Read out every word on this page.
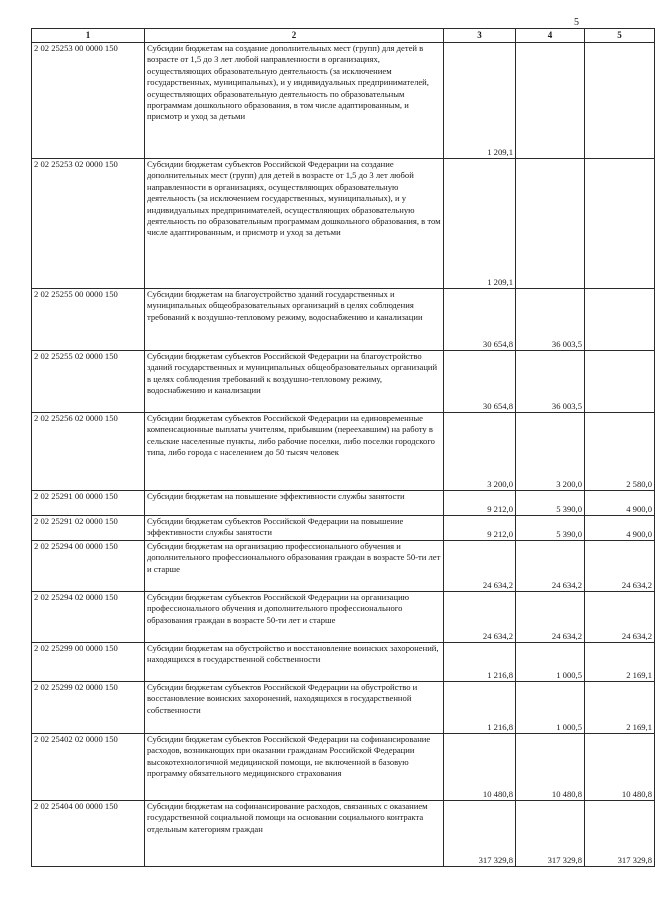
5
1	2	3	4	5
2 02 25253 00 0000 150	Субсидии бюджетам на создание дополнительных мест (групп) для детей в возрасте от 1,5 до 3 лет любой направленности в организациях, осуществляющих образовательную деятельность (за исключением государственных, муниципальных), и у индивидуальных предпринимателей, осуществляющих образовательную деятельность по образовательным программам дошкольного образования, в том числе адаптированным, и присмотр и уход за детьми	1 209,1		
2 02 25253 02 0000 150	Субсидии бюджетам субъектов Российской Федерации на создание дополнительных мест (групп) для детей в возрасте от 1,5 до 3 лет любой направленности в организациях, осуществляющих образовательную деятельность (за исключением государственных, муниципальных), и у индивидуальных предпринимателей, осуществляющих образовательную деятельность по образовательным программам дошкольного образования, в том числе адаптированным, и присмотр и уход за детьми	1 209,1		
2 02 25255 00 0000 150	Субсидии бюджетам на благоустройство зданий государственных и муниципальных общеобразовательных организаций в целях соблюдения требований к воздушно-тепловому режиму, водоснабжению и канализации	30 654,8	36 003,5	
2 02 25255 02 0000 150	Субсидии бюджетам субъектов Российской Федерации на благоустройство зданий государственных и муниципальных общеобразовательных организаций в целях соблюдения требований к воздушно-тепловому режиму, водоснабжению и канализации	30 654,8	36 003,5	
2 02 25256 02 0000 150	Субсидии бюджетам субъектов Российской Федерации на единовременные компенсационные выплаты учителям, прибывшим (переехавшим) на работу в сельские населенные пункты, либо рабочие поселки, либо поселки городского типа, либо города с населением до 50 тысяч человек	3 200,0	3 200,0	2 580,0
2 02 25291 00 0000 150	Субсидии бюджетам на повышение эффективности службы занятости	9 212,0	5 390,0	4 900,0
2 02 25291 02 0000 150	Субсидии бюджетам субъектов Российской Федерации на повышение эффективности службы занятости	9 212,0	5 390,0	4 900,0
2 02 25294 00 0000 150	Субсидии бюджетам на организацию профессионального обучения и дополнительного профессионального образования граждан в возрасте 50-ти лет и старше	24 634,2	24 634,2	24 634,2
2 02 25294 02 0000 150	Субсидии бюджетам субъектов Российской Федерации на организацию профессионального обучения и дополнительного профессионального образования граждан в возрасте 50-ти лет и старше	24 634,2	24 634,2	24 634,2
2 02 25299 00 0000 150	Субсидии бюджетам на обустройство и восстановление воинских захоронений, находящихся в государственной собственности	1 216,8	1 000,5	2 169,1
2 02 25299 02 0000 150	Субсидии бюджетам субъектов Российской Федерации на обустройство и восстановление воинских захоронений, находящихся в государственной собственности	1 216,8	1 000,5	2 169,1
2 02 25402 02 0000 150	Субсидии бюджетам субъектов Российской Федерации на софинансирование расходов, возникающих при оказании гражданам Российской Федерации высокотехнологичной медицинской помощи, не включенной в базовую программу обязательного медицинского страхования	10 480,8	10 480,8	10 480,8
2 02 25404 00 0000 150	Субсидии бюджетам на софинансирование расходов, связанных с оказанием государственной социальной помощи на основании социального контракта отдельным категориям граждан	317 329,8	317 329,8	317 329,8
